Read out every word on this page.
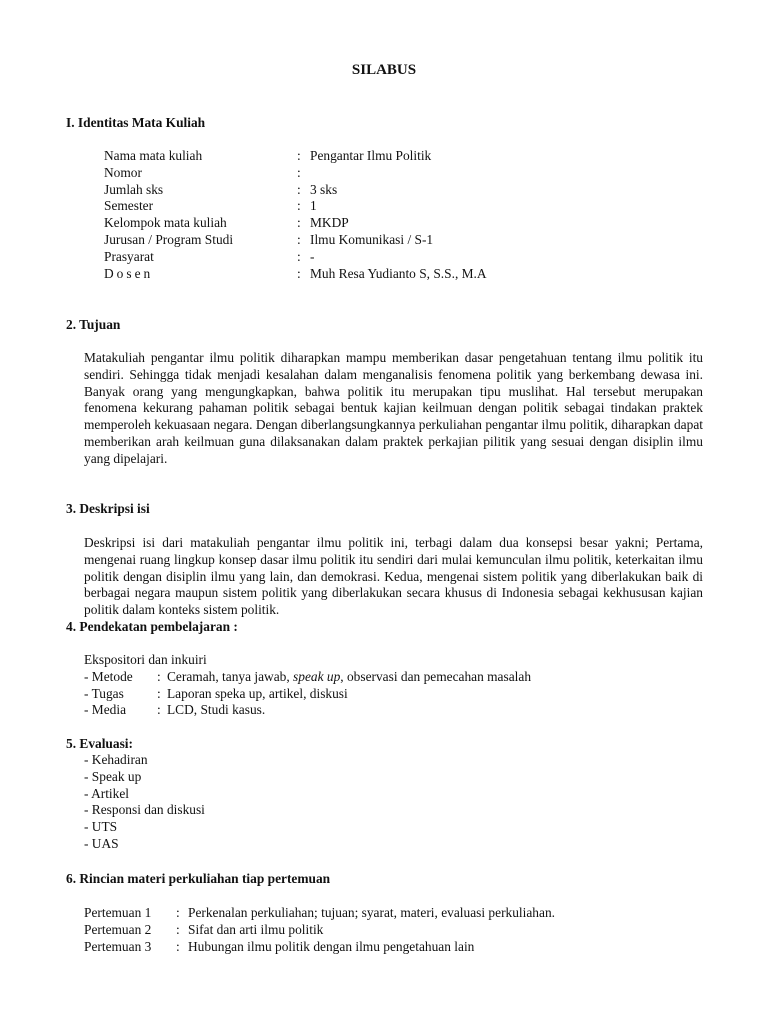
SILABUS
I. Identitas Mata Kuliah
Nama mata kuliah	: Pengantar Ilmu Politik
Nomor	:
Jumlah sks	: 3 sks
Semester	: 1
Kelompok mata kuliah	: MKDP
Jurusan / Program Studi	: Ilmu Komunikasi / S-1
Prasyarat	: -
Dosen	: Muh Resa Yudianto S, S.S., M.A
2. Tujuan

Matakuliah pengantar ilmu politik diharapkan mampu memberikan dasar pengetahuan tentang ilmu politik itu sendiri. Sehingga tidak menjadi kesalahan dalam menganalisis fenomena politik yang berkembang dewasa ini. Banyak orang yang mengungkapkan, bahwa politik itu merupakan tipu muslihat. Hal tersebut merupakan fenomena kekurang pahaman politik sebagai bentuk kajian keilmuan dengan politik sebagai tindakan praktek memperoleh kekuasaan negara. Dengan diberlangsungkannya perkuliahan pengantar ilmu politik, diharapkan dapat memberikan arah keilmuan guna dilaksanakan dalam praktek perkajian pilitik yang sesuai dengan disiplin ilmu yang dipelajari.

3. Deskripsi isi

Deskripsi isi dari matakuliah pengantar ilmu politik ini, terbagi dalam dua konsepsi besar yakni; Pertama, mengenai ruang lingkup konsep dasar ilmu politik itu sendiri dari mulai kemunculan ilmu politik, keterkaitan ilmu politik dengan disiplin ilmu yang lain, dan demokrasi. Kedua, mengenai sistem politik yang diberlakukan baik di berbagai negara maupun sistem politik yang diberlakukan secara khusus di Indonesia sebagai kekhususan kajian politik dalam konteks sistem politik.

4. Pendekatan pembelajaran :
Ekspositori dan inkuiri
- Metode : Ceramah, tanya jawab, speak up, observasi dan pemecahan masalah
- Tugas : Laporan speka up, artikel, diskusi
- Media : LCD, Studi kasus.
5. Evaluasi:
- Kehadiran
- Speak up
- Artikel
- Responsi dan diskusi
- UTS
- UAS
6. Rincian materi perkuliahan tiap pertemuan
Pertemuan 1 : Perkenalan perkuliahan; tujuan; syarat, materi, evaluasi perkuliahan.
Pertemuan 2 : Sifat dan arti ilmu politik
Pertemuan 3 : Hubungan ilmu politik dengan ilmu pengetahuan lain
